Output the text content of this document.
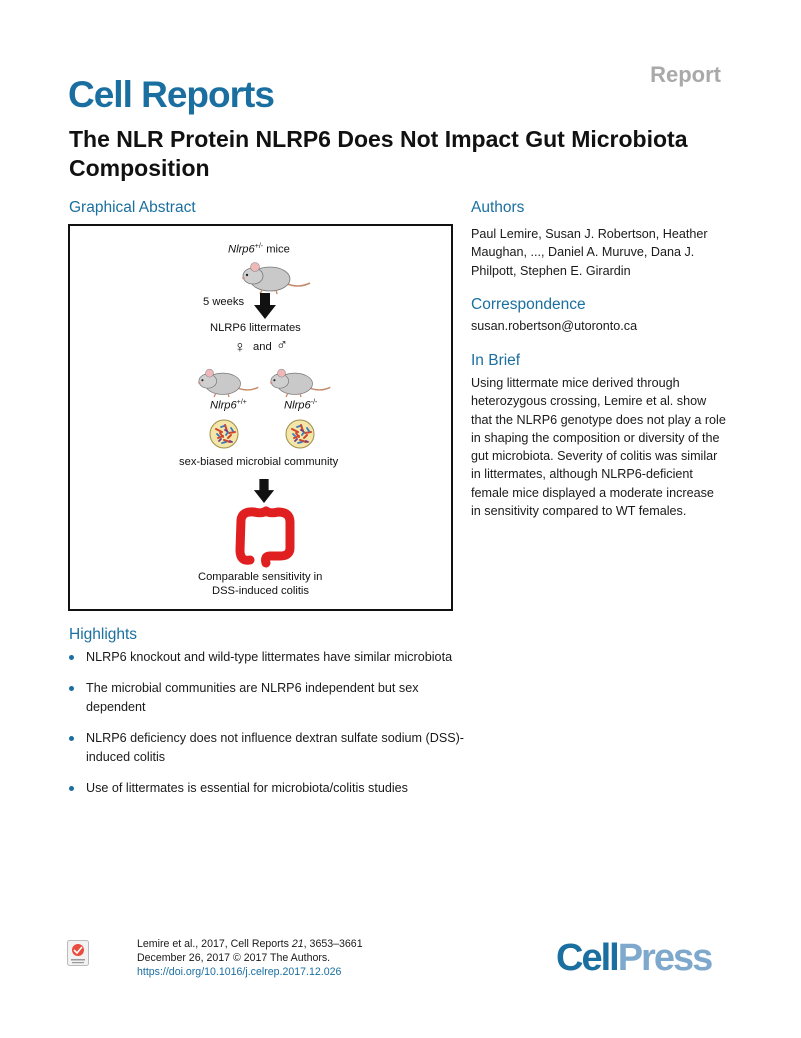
Report
Cell Reports
The NLR Protein NLRP6 Does Not Impact Gut Microbiota Composition
Graphical Abstract
Nlrp6+/- mice
5 weeks
NLRP6 littermates
♀ and ♂
Nlrp6+/+	Nlrp6-/-
sex-biased microbial community
Comparable sensitivity in
DSS-induced colitis
Authors
Paul Lemire, Susan J. Robertson, Heather Maughan, ..., Daniel A. Muruve, Dana J. Philpott, Stephen E. Girardin
Correspondence
susan.robertson@utoronto.ca
In Brief
Using littermate mice derived through heterozygous crossing, Lemire et al. show that the NLRP6 genotype does not play a role in shaping the composition or diversity of the gut microbiota. Severity of colitis was similar in littermates, although NLRP6-deficient female mice displayed a moderate increase in sensitivity compared to WT females.
Highlights
NLRP6 knockout and wild-type littermates have similar microbiota
The microbial communities are NLRP6 independent but sex dependent
NLRP6 deficiency does not influence dextran sulfate sodium (DSS)-induced colitis
Use of littermates is essential for microbiota/colitis studies
Lemire et al., 2017, Cell Reports 21, 3653–3661
December 26, 2017 © 2017 The Authors.
https://doi.org/10.1016/j.celrep.2017.12.026	CellPress
